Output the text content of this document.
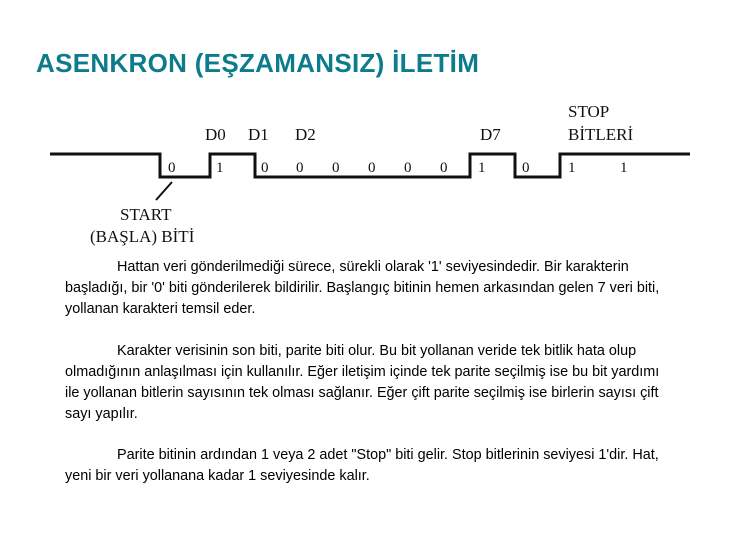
ASENKRON (EŞZAMANSIZ) İLETİM
D0 D1 D2	D7
STOP
BİTLERİ
0	1	0 0 0 0 0 0 1 0	1	1
START
(BAŞLA) BİTİ

Hattan veri gönderilmediği sürece, sürekli olarak '1' seviyesindedir. Bir karakterin başladığı, bir '0' biti gönderilerek bildirilir. Başlangıç bitinin hemen arkasından gelen 7 veri biti, yollanan karakteri temsil eder.

Karakter verisinin son biti, parite biti olur. Bu bit yollanan veride tek bitlik hata olup olmadığının anlaşılması için kullanılır. Eğer iletişim içinde tek parite seçilmiş ise bu bit yardımı ile yollanan bitlerin sayısının tek olması sağlanır. Eğer çift parite seçilmiş ise birlerin sayısı çift sayı yapılır.

Parite bitinin ardından 1 veya 2 adet "Stop" biti gelir. Stop bitlerinin seviyesi 1'dir. Hat, yeni bir veri yollanana kadar 1 seviyesinde kalır.
